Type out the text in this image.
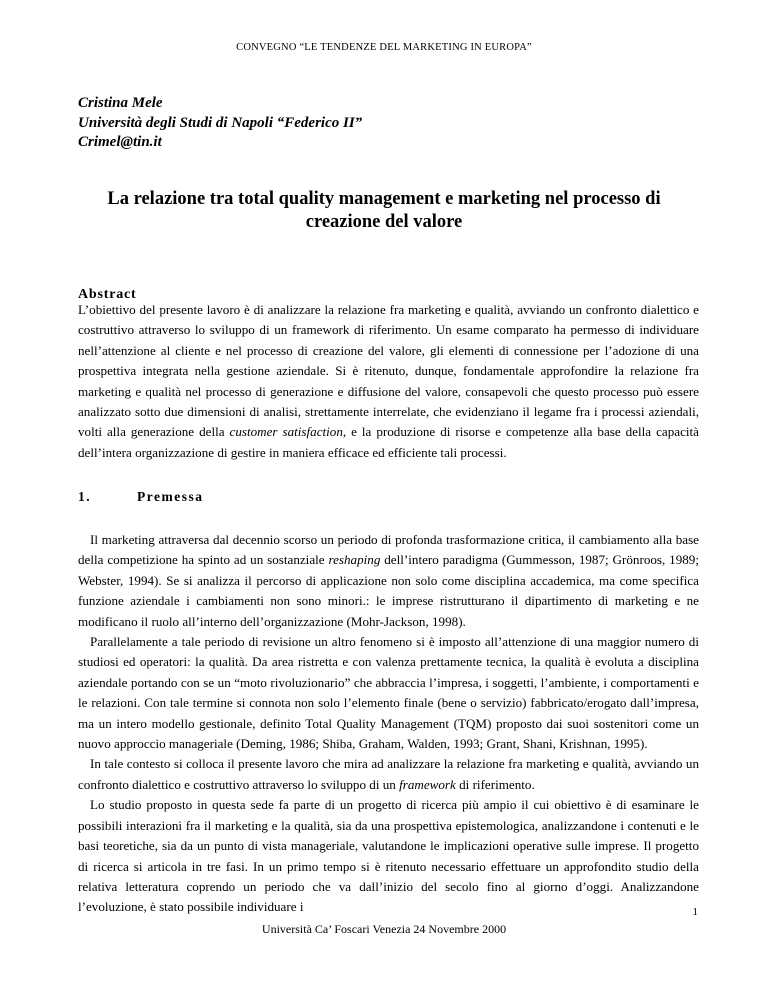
CONVEGNO “LE TENDENZE DEL MARKETING IN EUROPA”
Cristina Mele
Università degli Studi di Napoli “Federico II”
Crimel@tin.it
La relazione tra total quality management e marketing nel processo di creazione del valore
Abstract

L’obiettivo del presente lavoro è di analizzare la relazione fra marketing e qualità, avviando un confronto dialettico e costruttivo attraverso lo sviluppo di un framework di riferimento. Un esame comparato ha permesso di individuare nell’attenzione al cliente e nel processo di creazione del valore, gli elementi di connessione per l’adozione di una prospettiva integrata nella gestione aziendale. Si è ritenuto, dunque, fondamentale approfondire la relazione fra marketing e qualità nel processo di generazione e diffusione del valore, consapevoli che questo processo può essere analizzato sotto due dimensioni di analisi, strettamente interrelate, che evidenziano il legame fra i processi aziendali, volti alla generazione della customer satisfaction, e la produzione di risorse e competenze alla base della capacità dell’intera organizzazione di gestire in maniera efficace ed efficiente tali processi.

1.	Premessa

Il marketing attraversa dal decennio scorso un periodo di profonda trasformazione critica, il cambiamento alla base della competizione ha spinto ad un sostanziale reshaping dell’intero paradigma (Gummesson, 1987; Grönroos, 1989; Webster, 1994). Se si analizza il percorso di applicazione non solo come disciplina accademica, ma come specifica funzione aziendale i cambiamenti non sono minori.: le imprese ristrutturano il dipartimento di marketing e ne modificano il ruolo all’interno dell’organizzazione (Mohr-Jackson, 1998).

Parallelamente a tale periodo di revisione un altro fenomeno si è imposto all’attenzione di una maggior numero di studiosi ed operatori: la qualità. Da area ristretta e con valenza prettamente tecnica, la qualità è evoluta a disciplina aziendale portando con se un “moto rivoluzionario” che abbraccia l’impresa, i soggetti, l’ambiente, i comportamenti e le relazioni. Con tale termine si connota non solo l’elemento finale (bene o servizio) fabbricato/erogato dall’impresa, ma un intero modello gestionale, definito Total Quality Management (TQM) proposto dai suoi sostenitori come un nuovo approccio manageriale (Deming, 1986; Shiba, Graham, Walden, 1993; Grant, Shani, Krishnan, 1995).

In tale contesto si colloca il presente lavoro che mira ad analizzare la relazione fra marketing e qualità, avviando un confronto dialettico e costruttivo attraverso lo sviluppo di un framework di riferimento.

Lo studio proposto in questa sede fa parte di un progetto di ricerca più ampio il cui obiettivo è di esaminare le possibili interazioni fra il marketing e la qualità, sia da una prospettiva epistemologica, analizzandone i contenuti e le basi teoretiche, sia da un punto di vista manageriale, valutandone le implicazioni operative sulle imprese. Il progetto di ricerca si articola in tre fasi. In un primo tempo si è ritenuto necessario effettuare un approfondito studio della relativa letteratura coprendo un periodo che va dall’inizio del secolo fino al giorno d’oggi. Analizzandone l’evoluzione, è stato possibile individuare i	1
Università Ca’ Foscari Venezia 24 Novembre 2000
